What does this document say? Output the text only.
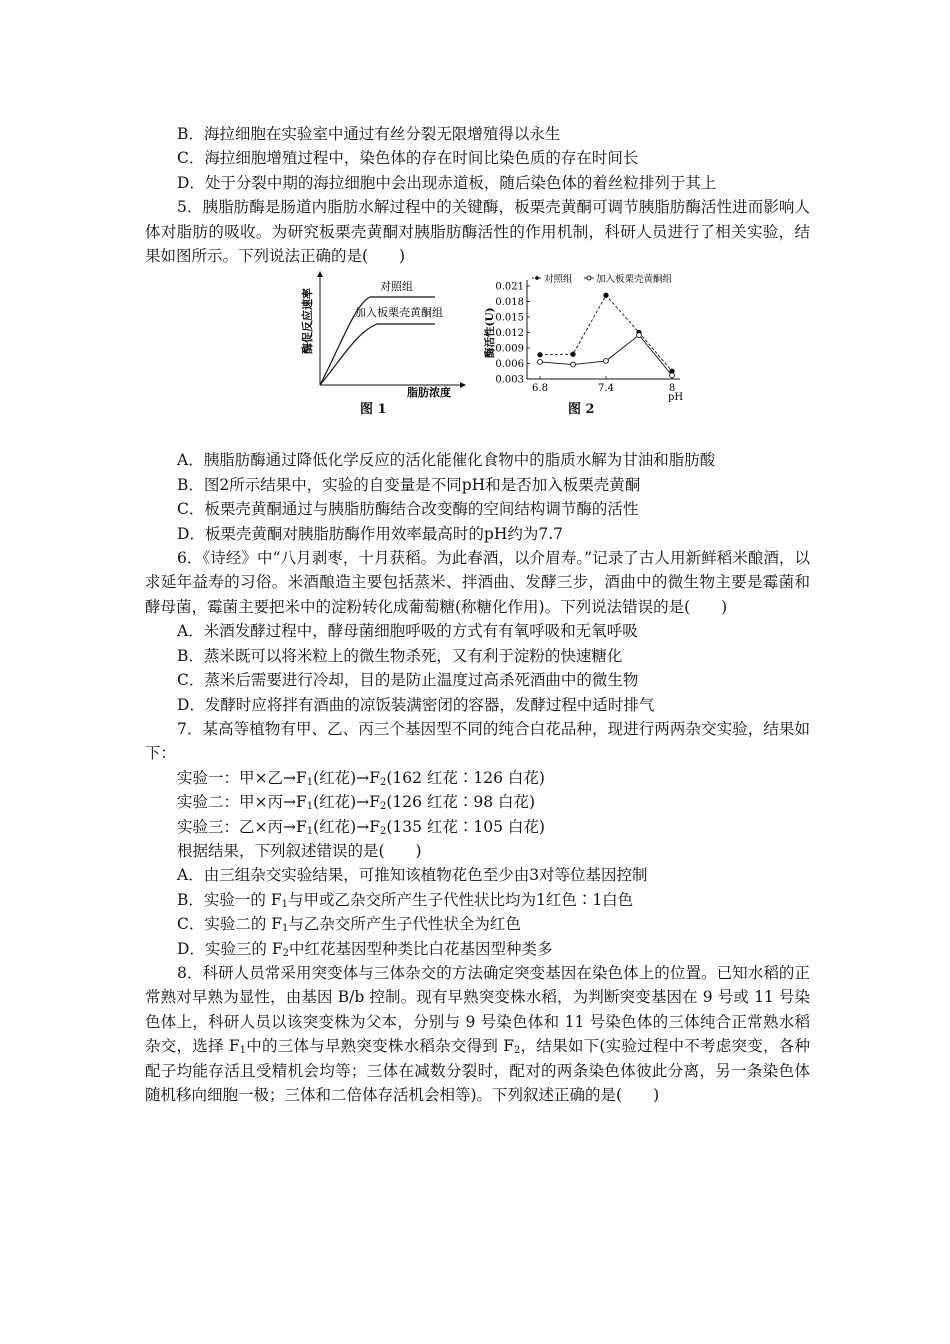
B．海拉细胞在实验室中通过有丝分裂无限增殖得以永生
C．海拉细胞增殖过程中，染色体的存在时间比染色质的存在时间长
D．处于分裂中期的海拉细胞中会出现赤道板，随后染色体的着丝粒排列于其上
5．胰脂肪酶是肠道内脂肪水解过程中的关键酶，板栗壳黄酮可调节胰脂肪酶活性进而影响人体对脂肪的吸收。为研究板栗壳黄酮对胰脂肪酶活性的作用机制，科研人员进行了相关实验，结果如图所示。下列说法正确的是(　　)
对照组
加入板栗壳黄酮组
酶促反应速率
脂肪浓度
图 1
对照组 加入板栗壳黄酮组
酶活性(U)
pH
0.021
0.018
0.015
0.012
0.009
0.006
0.003
6.8	7.4	8
图 2
A．胰脂肪酶通过降低化学反应的活化能催化食物中的脂质水解为甘油和脂肪酸
B．图2所示结果中，实验的自变量是不同pH和是否加入板栗壳黄酮
C．板栗壳黄酮通过与胰脂肪酶结合改变酶的空间结构调节酶的活性
D．板栗壳黄酮对胰脂肪酶作用效率最高时的pH约为7.7
6．《诗经》中“八月剥枣，十月获稻。为此春酒，以介眉寿。”记录了古人用新鲜稻米酿酒，以求延年益寿的习俗。米酒酿造主要包括蒸米、拌酒曲、发酵三步，酒曲中的微生物主要是霉菌和酵母菌，霉菌主要把米中的淀粉转化成葡萄糖(称糖化作用)。下列说法错误的是(　　)
A．米酒发酵过程中，酵母菌细胞呼吸的方式有有氧呼吸和无氧呼吸
B．蒸米既可以将米粒上的微生物杀死，又有利于淀粉的快速糖化
C．蒸米后需要进行冷却，目的是防止温度过高杀死酒曲中的微生物
D．发酵时应将拌有酒曲的凉饭装满密闭的容器，发酵过程中适时排气
7．某高等植物有甲、乙、丙三个基因型不同的纯合白花品种，现进行两两杂交实验，结果如下：
实验一：甲×乙$\to F_1$(红花)$\to F_2(162$ 红花∶126 白花)
实验二：甲×丙$\to F_1$(红花)$\to F_2(126$ 红花∶98 白花)
实验三：乙×丙$\to F_1$(红花)$\to F_2(135$ 红花∶105 白花)
根据结果，下列叙述错误的是(　　)
A．由三组杂交实验结果，可推知该植物花色至少由3对等位基因控制
B．实验一的 $F_1$与甲或乙杂交所产生子代性状比均为1红色∶1白色
C．实验二的 $F_1$与乙杂交所产生子代性状全为红色
D．实验三的 $F_2$中红花基因型种类比白花基因型种类多
8．科研人员常采用突变体与三体杂交的方法确定突变基因在染色体上的位置。已知水稻的正常熟对早熟为显性，由基因 B/b 控制。现有早熟突变株水稻，为判断突变基因在 9 号或 11 号染色体上，科研人员以该突变株为父本，分别与 9 号染色体和 11 号染色体的三体纯合正常熟水稻杂交，选择 $F_1$中的三体与早熟突变株水稻杂交得到 $F_2$，结果如下(实验过程中不考虑突变，各种配子均能存活且受精机会均等；三体在减数分裂时，配对的两条染色体彼此分离，另一条染色体随机移向细胞一极；三体和二倍体存活机会相等)。下列叙述正确的是(　　)
